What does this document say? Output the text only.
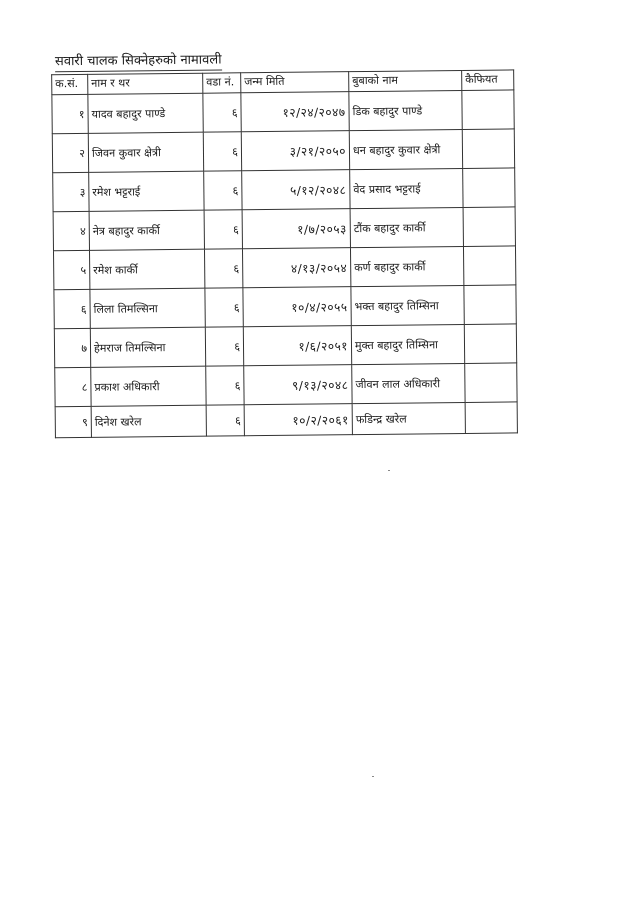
सवारी चालक सिक्नेहरुको नामावली
क.सं.	नाम र थर	वडा नं.	जन्म मिति	बुबाको नाम	कैफियत
१	यादव बहादुर पाण्डे	६	१२/२४/२०४७	डिक बहादुर पाण्डे	
२	जिवन कुवार क्षेत्री	६	३/२१/२०५०	धन बहादुर कुवार क्षेत्री	
३	रमेश भट्टराई	६	५/१२/२०४८	वेद प्रसाद भट्टराई	
४	नेत्र बहादुर कार्की	६	१/७/२०५३	टौंक बहादुर कार्की	
५	रमेश कार्की	६	४/१३/२०५४	कर्ण बहादुर कार्की	
६	लिला तिमल्सिना	६	१०/४/२०५५	भक्त बहादुर तिम्सिना	
७	हेमराज तिमल्सिना	६	१/६/२०५१	मुक्त बहादुर तिम्सिना	
८	प्रकाश अधिकारी	६	९/१३/२०४८	जीवन लाल अधिकारी	
९	दिनेश खरेल	६	१०/२/२०६१	फडिन्द्र खरेल	
